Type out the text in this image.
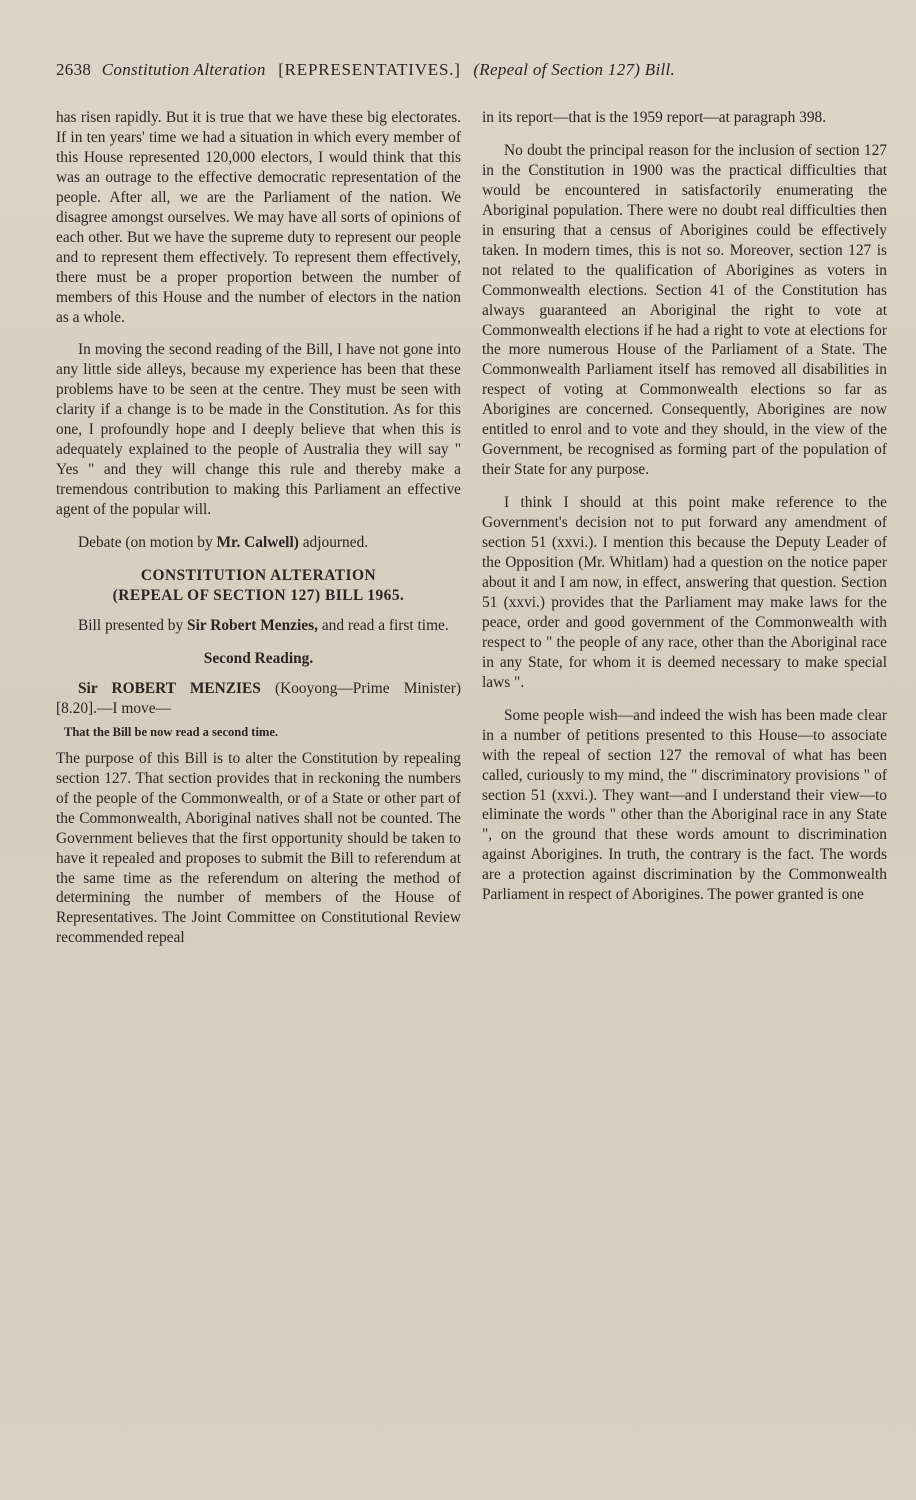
2638 Constitution Alteration [REPRESENTATIVES.] (Repeal of Section 127) Bill.

has risen rapidly. But it is true that we have these big electorates. If in ten years' time we had a situation in which every member of this House represented 120,000 electors, I would think that this was an outrage to the effective democratic representation of the people. After all, we are the Parliament of the nation. We disagree amongst ourselves. We may have all sorts of opinions of each other. But we have the supreme duty to represent our people and to represent them effectively. To represent them effectively, there must be a proper proportion between the number of members of this House and the number of electors in the nation as a whole.

In moving the second reading of the Bill, I have not gone into any little side alleys, because my experience has been that these problems have to be seen at the centre. They must be seen with clarity if a change is to be made in the Constitution. As for this one, I profoundly hope and I deeply believe that when this is adequately explained to the people of Australia they will say " Yes " and they will change this rule and thereby make a tremendous contribution to making this Parliament an effective agent of the popular will.

Debate (on motion by Mr. Calwell) adjourned.

CONSTITUTION ALTERATION
(REPEAL OF SECTION 127) BILL 1965.

Bill presented by Sir Robert Menzies, and read a first time.

Second Reading.

Sir ROBERT MENZIES (Kooyong—Prime Minister) [8.20].—I move—

That the Bill be now read a second time.

The purpose of this Bill is to alter the Constitution by repealing section 127. That section provides that in reckoning the numbers of the people of the Commonwealth, or of a State or other part of the Commonwealth, Aboriginal natives shall not be counted. The Government believes that the first opportunity should be taken to have it repealed and proposes to submit the Bill to referendum at the same time as the referendum on altering the method of determining the number of members of the House of Representatives. The Joint Committee on Constitutional Review recommended repeal

in its report—that is the 1959 report—at paragraph 398.

No doubt the principal reason for the inclusion of section 127 in the Constitution in 1900 was the practical difficulties that would be encountered in satisfactorily enumerating the Aboriginal population. There were no doubt real difficulties then in ensuring that a census of Aborigines could be effectively taken. In modern times, this is not so. Moreover, section 127 is not related to the qualification of Aborigines as voters in Commonwealth elections. Section 41 of the Constitution has always guaranteed an Aboriginal the right to vote at Commonwealth elections if he had a right to vote at elections for the more numerous House of the Parliament of a State. The Commonwealth Parliament itself has removed all disabilities in respect of voting at Commonwealth elections so far as Aborigines are concerned. Consequently, Aborigines are now entitled to enrol and to vote and they should, in the view of the Government, be recognised as forming part of the population of their State for any purpose.

I think I should at this point make reference to the Government's decision not to put forward any amendment of section 51 (xxvi.). I mention this because the Deputy Leader of the Opposition (Mr. Whitlam) had a question on the notice paper about it and I am now, in effect, answering that question. Section 51 (xxvi.) provides that the Parliament may make laws for the peace, order and good government of the Commonwealth with respect to " the people of any race, other than the Aboriginal race in any State, for whom it is deemed necessary to make special laws ".

Some people wish—and indeed the wish has been made clear in a number of petitions presented to this House—to associate with the repeal of section 127 the removal of what has been called, curiously to my mind, the " discriminatory provisions " of section 51 (xxvi.). They want—and I understand their view—to eliminate the words " other than the Aboriginal race in any State ", on the ground that these words amount to discrimination against Aborigines. In truth, the contrary is the fact. The words are a protection against discrimination by the Commonwealth Parliament in respect of Aborigines. The power granted is one
